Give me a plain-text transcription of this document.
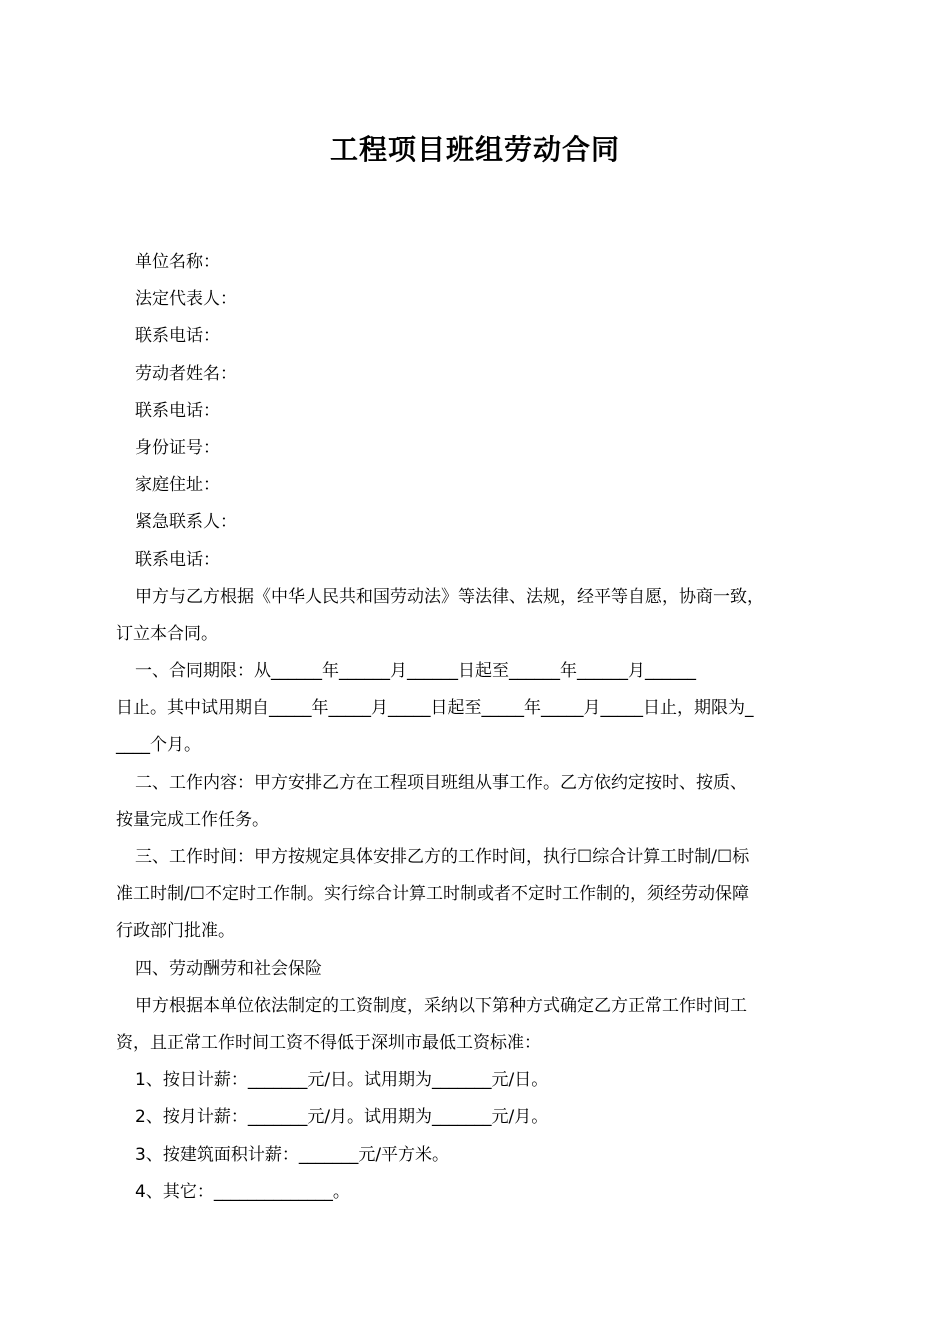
工程项目班组劳动合同
单位名称：
法定代表人：
联系电话：
劳动者姓名：
联系电话：
身份证号：
家庭住址：
紧急联系人：
联系电话：
甲方与乙方根据《中华人民共和国劳动法》等法律、法规，经平等自愿，协商一致，
订立本合同。
一、合同期限：从______年______月______日起至______年______月______
日止。其中试用期自_____年_____月_____日起至_____年_____月_____日止，期限为_
____个月。
二、工作内容：甲方安排乙方在工程项目班组从事工作。乙方依约定按时、按质、
按量完成工作任务。
三、工作时间：甲方按规定具体安排乙方的工作时间，执行☐综合计算工时制/☐标
准工时制/☐不定时工作制。实行综合计算工时制或者不定时工作制的，须经劳动保障
行政部门批准。
四、劳动酬劳和社会保险
甲方根据本单位依法制定的工资制度，采纳以下第种方式确定乙方正常工作时间工
资，且正常工作时间工资不得低于深圳市最低工资标准：
1、按日计薪：_______元/日。试用期为_______元/日。
2、按月计薪：_______元/月。试用期为_______元/月。
3、按建筑面积计薪：_______元/平方米。
4、其它：______________。
